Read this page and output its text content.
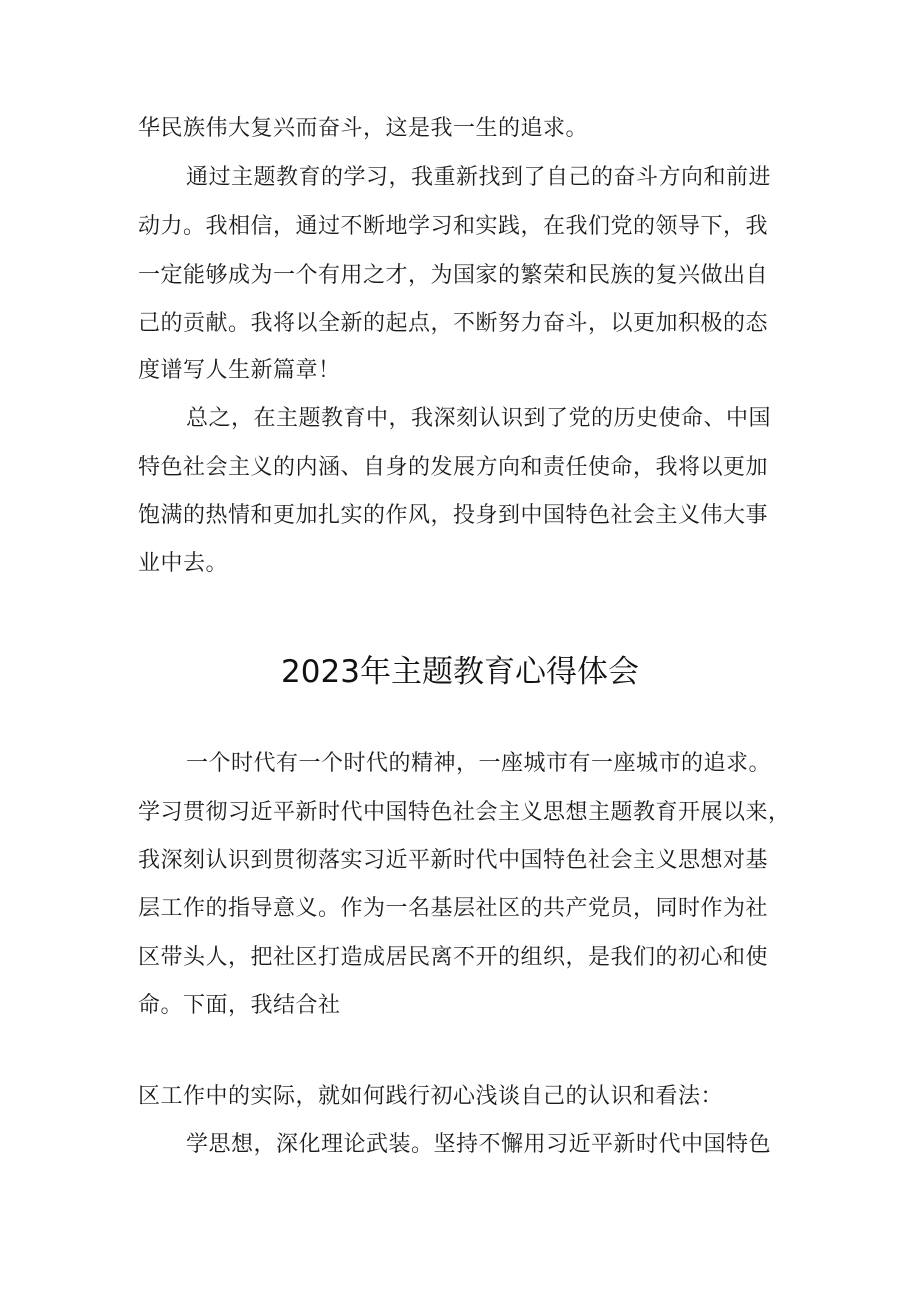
华民族伟大复兴而奋斗，这是我一生的追求。
通过主题教育的学习，我重新找到了自己的奋斗方向和前进
动力。我相信，通过不断地学习和实践，在我们党的领导下，我
一定能够成为一个有用之才，为国家的繁荣和民族的复兴做出自
己的贡献。我将以全新的起点，不断努力奋斗，以更加积极的态
度谱写人生新篇章！
总之，在主题教育中，我深刻认识到了党的历史使命、中国
特色社会主义的内涵、自身的发展方向和责任使命，我将以更加
饱满的热情和更加扎实的作风，投身到中国特色社会主义伟大事
业中去。
2023年主题教育心得体会
一个时代有一个时代的精神，一座城市有一座城市的追求。
学习贯彻习近平新时代中国特色社会主义思想主题教育开展以来，
我深刻认识到贯彻落实习近平新时代中国特色社会主义思想对基
层工作的指导意义。作为一名基层社区的共产党员，同时作为社
区带头人，把社区打造成居民离不开的组织，是我们的初心和使
命。下面，我结合社
区工作中的实际，就如何践行初心浅谈自己的认识和看法：
学思想，深化理论武装。坚持不懈用习近平新时代中国特色
